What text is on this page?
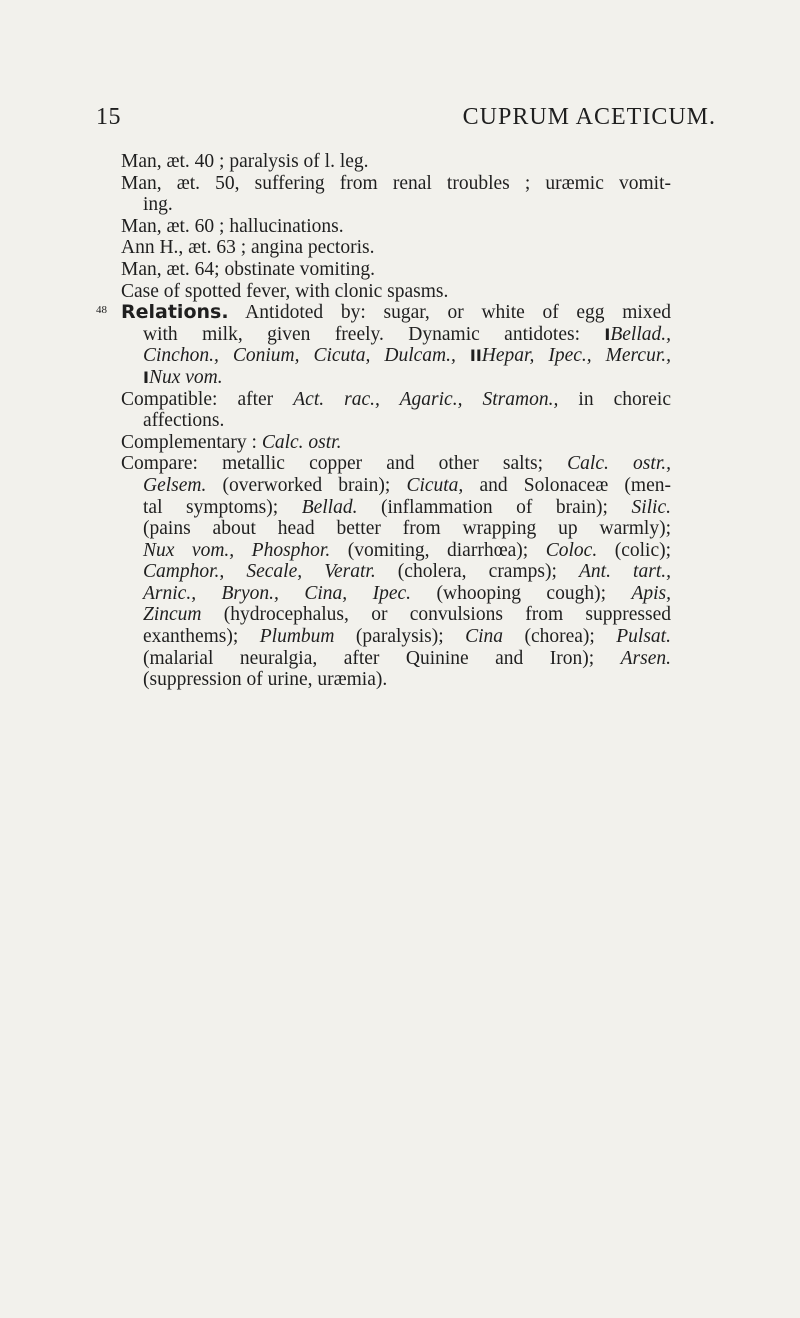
15	CUPRUM ACETICUM.
Man, æt. 40 ; paralysis of l. leg.
Man, æt. 50, suffering from renal troubles ; uræmic vomit-
ing.
Man, æt. 60 ; hallucinations.
Ann H., æt. 63 ; angina pectoris.
Man, æt. 64; obstinate vomiting.
Case of spotted fever, with clonic spasms.
48 Relations. Antidoted by: sugar, or white of egg mixed
with milk, given freely. Dynamic antidotes: IBellad.,
Cinchon., Conium, Cicuta, Dulcam., IIHepar, Ipec., Mercur.,
INux vom.
Compatible: after Act. rac., Agaric., Stramon., in choreic
affections.
Complementary : Calc. ostr.
Compare: metallic copper and other salts; Calc. ostr.,
Gelsem. (overworked brain); Cicuta, and Solonaceæ (men-
tal symptoms); Bellad. (inflammation of brain); Silic.
(pains about head better from wrapping up warmly);
Nux vom., Phosphor. (vomiting, diarrhœa); Coloc. (colic);
Camphor., Secale, Veratr. (cholera, cramps); Ant. tart.,
Arnic., Bryon., Cina, Ipec. (whooping cough); Apis,
Zincum (hydrocephalus, or convulsions from suppressed
exanthems); Plumbum (paralysis); Cina (chorea); Pulsat.
(malarial neuralgia, after Quinine and Iron); Arsen.
(suppression of urine, uræmia).
